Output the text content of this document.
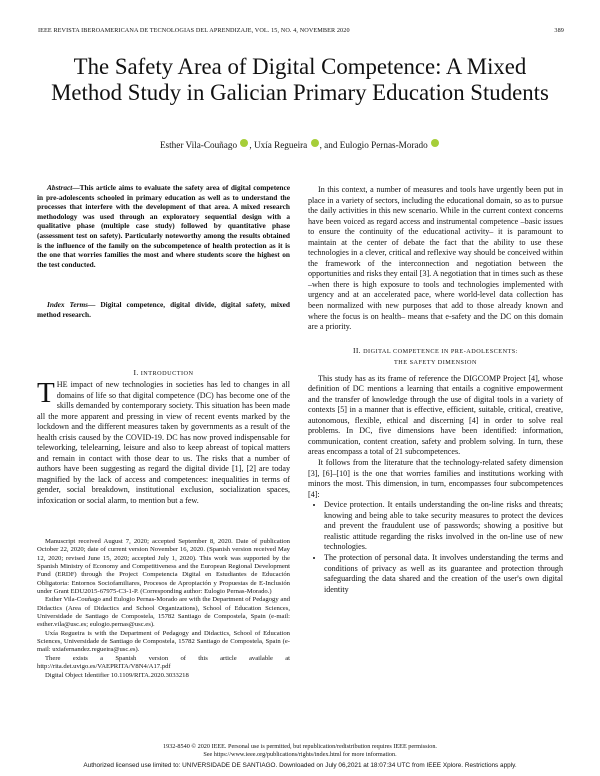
IEEE REVISTA IBEROAMERICANA DE TECNOLOGIAS DEL APRENDIZAJE, VOL. 15, NO. 4, NOVEMBER 2020	389
The Safety Area of Digital Competence: A Mixed Method Study in Galician Primary Education Students
Esther Vila-Couñago , Uxía Regueira , and Eulogio Pernas-Morado
Abstract—This article aims to evaluate the safety area of digital competence in pre-adolescents schooled in primary education as well as to understand the processes that interfere with the development of that area. A mixed research methodology was used through an exploratory sequential design with a qualitative phase (multiple case study) followed by quantitative phase (assessment test on safety). Particularly noteworthy among the results obtained is the influence of the family on the subcompetence of health protection as it is the one that worries families the most and where students score the highest on the test conducted.
Index Terms— Digital competence, digital divide, digital safety, mixed method research.
I. INTRODUCTION
THE impact of new technologies in societies has led to changes in all domains of life so that digital competence (DC) has become one of the skills demanded by contemporary society. This situation has been made all the more apparent and pressing in view of recent events marked by the lockdown and the different measures taken by governments as a result of the health crisis caused by the COVID-19. DC has now proved indispensable for teleworking, telelearning, leisure and also to keep abreast of topical matters and remain in contact with those dear to us. The risks that a number of authors have been suggesting as regard the digital divide [1], [2] are today magnified by the lack of access and competences: inequalities in terms of gender, social breakdown, institutional exclusion, socialization spaces, infoxication or social alarm, to mention but a few.

Manuscript received August 7, 2020; accepted September 8, 2020. Date of publication October 22, 2020; date of current version November 16, 2020. (Spanish version received May 12, 2020; revised June 15, 2020; accepted July 1, 2020). This work was supported by the Spanish Ministry of Economy and Competitiveness and the European Regional Development Fund (ERDF) through the Project Competencia Digital en Estudiantes de Educación Obligatoria: Entornos Sociofamiliares, Procesos de Apropiación y Propuestas de E-Inclusión under Grant EDU2015-67975-C3-1-P. (Corresponding author: Eulogio Pernas-Morado.)

Esther Vila-Couñago and Eulogio Pernas-Morado are with the Department of Pedagogy and Didactics (Area of Didactics and School Organizations), School of Education Sciences, Universidade de Santiago de Compostela, 15782 Santiago de Compostela, Spain (e-mail: esther.vila@usc.es; eulogio.pernas@usc.es).

Uxía Regueira is with the Department of Pedagogy and Didactics, School of Education Sciences, Universidade de Santiago de Compostela, 15782 Santiago de Compostela, Spain (e-mail: uxiafernandez.regueira@usc.es).

There exists a Spanish version of this article available at http://rita.det.uvigo.es/VAEPRITA/V8N4/A17.pdf

Digital Object Identifier 10.1109/RITA.2020.3033218

In this context, a number of measures and tools have urgently been put in place in a variety of sectors, including the educational domain, so as to pursue the daily activities in this new scenario. While in the current context concerns have been voiced as regard access and instrumental competence –basic issues to ensure the continuity of the educational activity– it is paramount to maintain at the center of debate the fact that the ability to use these technologies in a clever, critical and reflexive way should be conceived within the framework of the interconnection and negotiation between the opportunities and risks they entail [3]. A negotiation that in times such as these –when there is high exposure to tools and technologies implemented with urgency and at an accelerated pace, where world-level data collection has been normalized with new purposes that add to those already known and where the focus is on health– means that e-safety and the DC on this domain are a priority.

II. DIGITAL COMPETENCE IN PRE-ADOLESCENTS:
THE SAFETY DIMENSION

This study has as its frame of reference the DIGCOMP Project [4], whose definition of DC mentions a learning that entails a cognitive empowerment and the transfer of knowledge through the use of digital tools in a variety of contexts [5] in a manner that is effective, efficient, suitable, critical, creative, autonomous, flexible, ethical and discerning [4] in order to solve real problems. In DC, five dimensions have been identified: information, communication, content creation, safety and problem solving. In turn, these areas encompass a total of 21 subcompetences.

It follows from the literature that the technology-related safety dimension [3], [6]–[10] is the one that worries families and institutions working with minors the most. This dimension, in turn, encompasses four subcompetences [4]:

• Device protection. It entails understanding the on-line risks and threats; knowing and being able to take security measures to protect the devices and prevent the fraudulent use of passwords; showing a positive but realistic attitude regarding the risks involved in the on-line use of new technologies.
• The protection of personal data. It involves understanding the terms and conditions of privacy as well as its guarantee and protection through safeguarding the data shared and the creation of the user's own digital identity
1932-8540 © 2020 IEEE. Personal use is permitted, but republication/redistribution requires IEEE permission.
See https://www.ieee.org/publications/rights/index.html for more information.
Authorized licensed use limited to: UNIVERSIDADE DE SANTIAGO. Downloaded on July 06,2021 at 18:07:34 UTC from IEEE Xplore. Restrictions apply.
